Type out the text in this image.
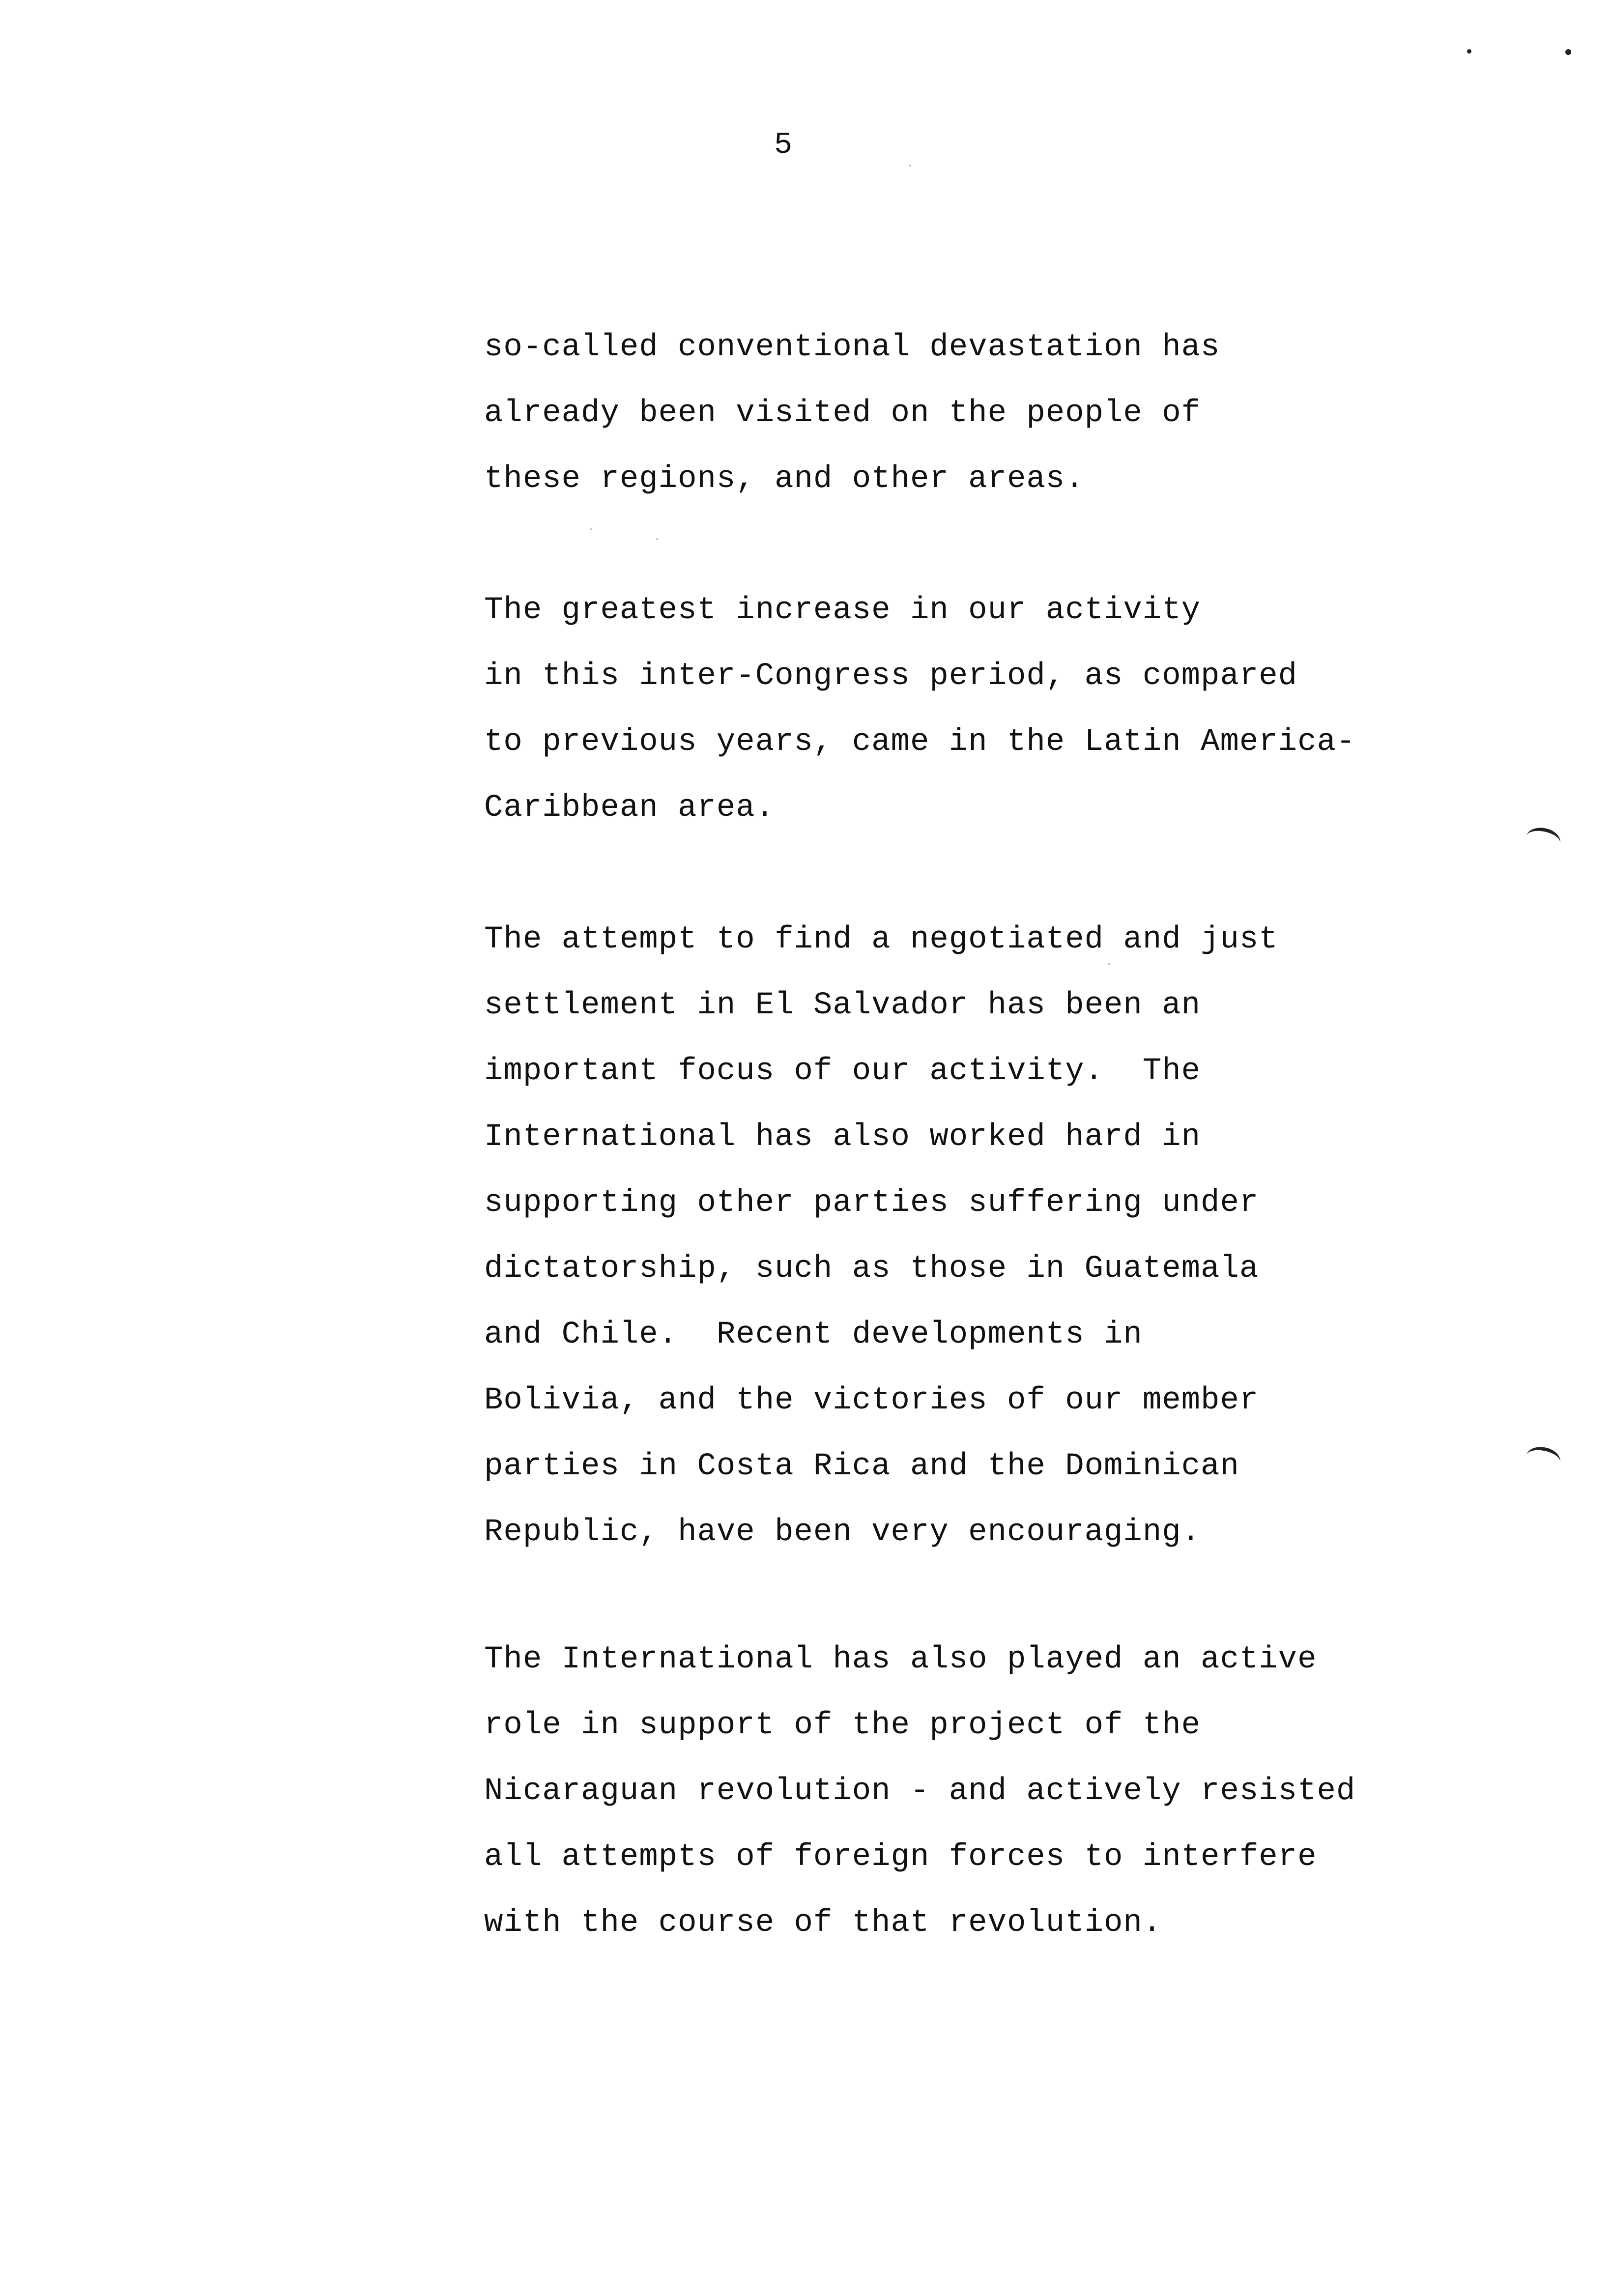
5
so-called conventional devastation has
already been visited on the people of
these regions, and other areas.
The greatest increase in our activity
in this inter-Congress period, as compared
to previous years, came in the Latin America-
Caribbean area.
The attempt to find a negotiated and just
settlement in El Salvador has been an
important focus of our activity.  The
International has also worked hard in
supporting other parties suffering under
dictatorship, such as those in Guatemala
and Chile.  Recent developments in
Bolivia, and the victories of our member
parties in Costa Rica and the Dominican
Republic, have been very encouraging.
The International has also played an active
role in support of the project of the
Nicaraguan revolution - and actively resisted
all attempts of foreign forces to interfere
with the course of that revolution.
